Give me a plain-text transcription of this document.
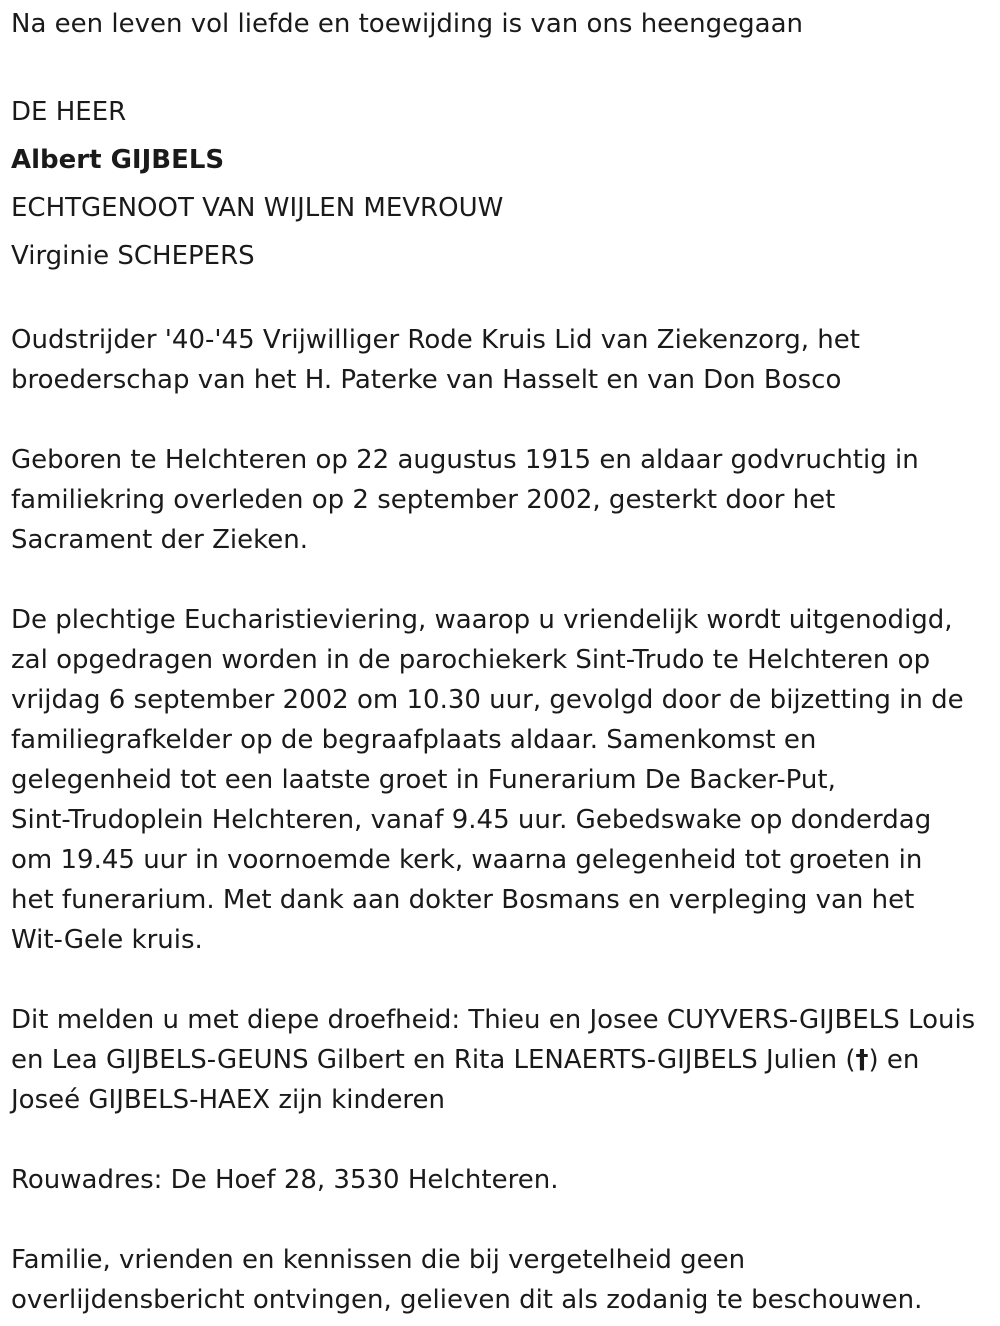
Na een leven vol liefde en toewijding is van ons heengegaan

DE HEER

Albert GIJBELS

ECHTGENOOT VAN WIJLEN MEVROUW

Virginie SCHEPERS

Oudstrijder '40-'45 Vrijwilliger Rode Kruis Lid van Ziekenzorg, het

broederschap van het H. Paterke van Hasselt en van Don Bosco

Geboren te Helchteren op 22 augustus 1915 en aldaar godvruchtig in

familiekring overleden op 2 september 2002, gesterkt door het

Sacrament der Zieken.

De plechtige Eucharistieviering, waarop u vriendelijk wordt uitgenodigd,

zal opgedragen worden in de parochiekerk Sint-Trudo te Helchteren op

vrijdag 6 september 2002 om 10.30 uur, gevolgd door de bijzetting in de

familiegrafkelder op de begraafplaats aldaar. Samenkomst en

gelegenheid tot een laatste groet in Funerarium De Backer-Put,

Sint-Trudoplein Helchteren, vanaf 9.45 uur. Gebedswake op donderdag

om 19.45 uur in voornoemde kerk, waarna gelegenheid tot groeten in

het funerarium. Met dank aan dokter Bosmans en verpleging van het

Wit-Gele kruis.

Dit melden u met diepe droefheid: Thieu en Josee CUYVERS-GIJBELS Louis

en Lea GIJBELS-GEUNS Gilbert en Rita LENAERTS-GIJBELS Julien (†) en

Joseé GIJBELS-HAEX zijn kinderen

Rouwadres: De Hoef 28, 3530 Helchteren.

Familie, vrienden en kennissen die bij vergetelheid geen

overlijdensbericht ontvingen, gelieven dit als zodanig te beschouwen.
